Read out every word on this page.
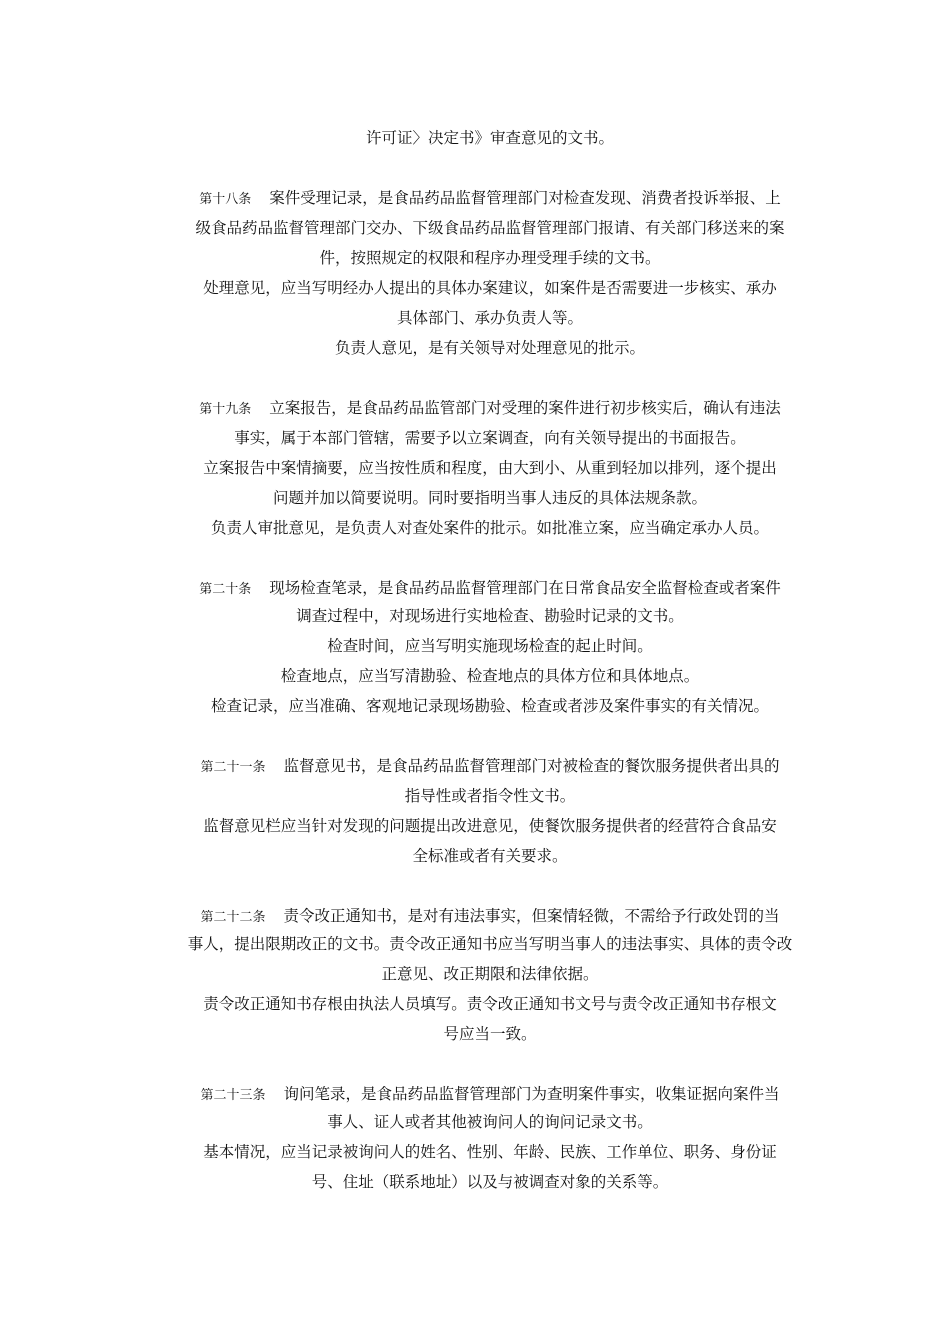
许可证〉决定书》审查意见的文书。
第十八条 案件受理记录，是食品药品监督管理部门对检查发现、消费者投诉举报、上
级食品药品监督管理部门交办、下级食品药品监督管理部门报请、有关部门移送来的案
件，按照规定的权限和程序办理受理手续的文书。
处理意见，应当写明经办人提出的具体办案建议，如案件是否需要进一步核实、承办
具体部门、承办负责人等。
负责人意见，是有关领导对处理意见的批示。
第十九条 立案报告，是食品药品监管部门对受理的案件进行初步核实后，确认有违法
事实，属于本部门管辖，需要予以立案调查，向有关领导提出的书面报告。
立案报告中案情摘要，应当按性质和程度，由大到小、从重到轻加以排列，逐个提出
问题并加以简要说明。同时要指明当事人违反的具体法规条款。
负责人审批意见，是负责人对查处案件的批示。如批准立案，应当确定承办人员。
第二十条 现场检查笔录，是食品药品监督管理部门在日常食品安全监督检查或者案件
调查过程中，对现场进行实地检查、勘验时记录的文书。
检查时间，应当写明实施现场检查的起止时间。
检查地点，应当写清勘验、检查地点的具体方位和具体地点。
检查记录，应当准确、客观地记录现场勘验、检查或者涉及案件事实的有关情况。
第二十一条 监督意见书，是食品药品监督管理部门对被检查的餐饮服务提供者出具的
指导性或者指令性文书。
监督意见栏应当针对发现的问题提出改进意见，使餐饮服务提供者的经营符合食品安
全标准或者有关要求。
第二十二条 责令改正通知书，是对有违法事实，但案情轻微，不需给予行政处罚的当
事人，提出限期改正的文书。责令改正通知书应当写明当事人的违法事实、具体的责令改
正意见、改正期限和法律依据。
责令改正通知书存根由执法人员填写。责令改正通知书文号与责令改正通知书存根文
号应当一致。
第二十三条 询问笔录，是食品药品监督管理部门为查明案件事实，收集证据向案件当
事人、证人或者其他被询问人的询问记录文书。
基本情况，应当记录被询问人的姓名、性别、年龄、民族、工作单位、职务、身份证
号、住址（联系地址）以及与被调查对象的关系等。
